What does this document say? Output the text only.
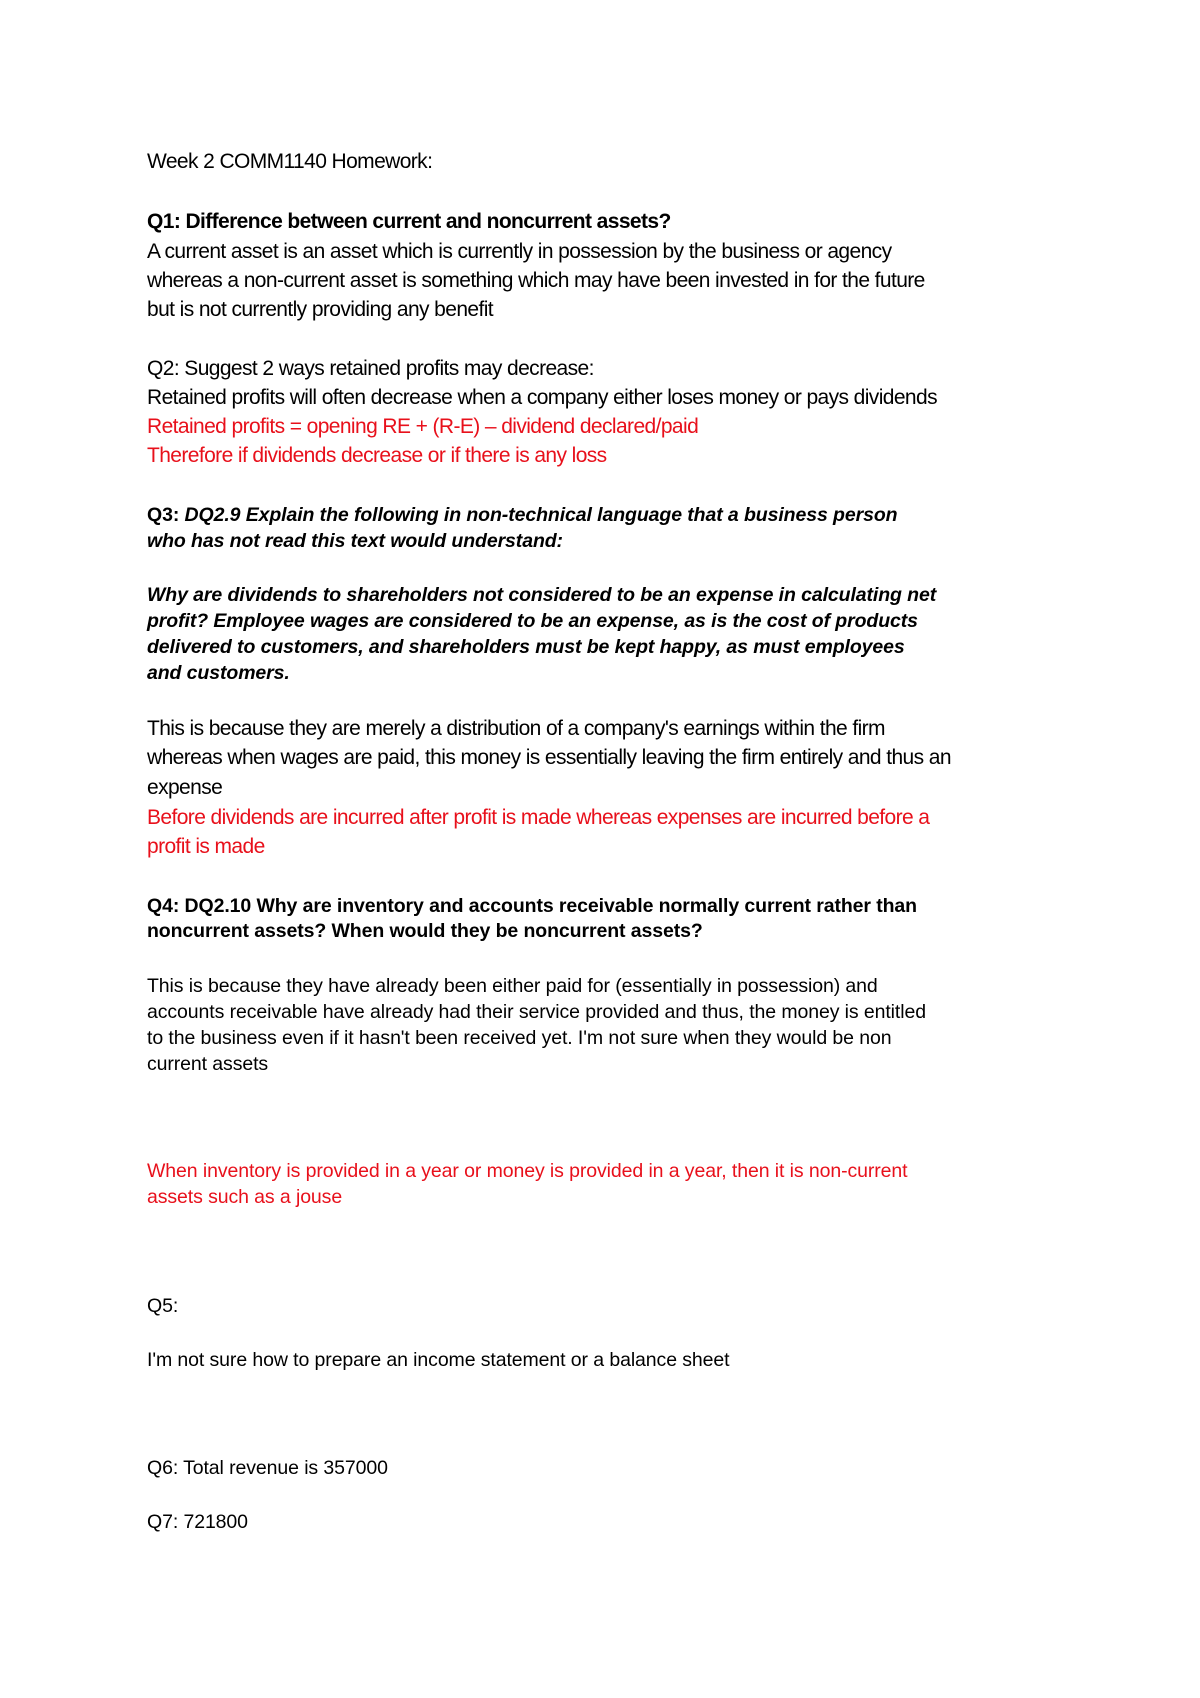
Week 2 COMM1140 Homework:
Q1: Difference between current and noncurrent assets?
A current asset is an asset which is currently in possession by the business or agency
whereas a non-current asset is something which may have been invested in for the future
but is not currently providing any benefit
Q2: Suggest 2 ways retained profits may decrease:
Retained profits will often decrease when a company either loses money or pays dividends
Retained profits = opening RE + (R-E) – dividend declared/paid
Therefore if dividends decrease or if there is any loss
Q3: DQ2.9 Explain the following in non-technical language that a business person
who has not read this text would understand:
Why are dividends to shareholders not considered to be an expense in calculating net
profit? Employee wages are considered to be an expense, as is the cost of products
delivered to customers, and shareholders must be kept happy, as must employees
and customers.
This is because they are merely a distribution of a company's earnings within the firm
whereas when wages are paid, this money is essentially leaving the firm entirely and thus an
expense
Before dividends are incurred after profit is made whereas expenses are incurred before a
profit is made
Q4: DQ2.10 Why are inventory and accounts receivable normally current rather than
noncurrent assets? When would they be noncurrent assets?
This is because they have already been either paid for (essentially in possession) and
accounts receivable have already had their service provided and thus, the money is entitled
to the business even if it hasn't been received yet. I'm not sure when they would be non
current assets
When inventory is provided in a year or money is provided in a year, then it is non-current
assets such as a jouse
Q5:
I'm not sure how to prepare an income statement or a balance sheet
Q6: Total revenue is 357000
Q7: 721800
